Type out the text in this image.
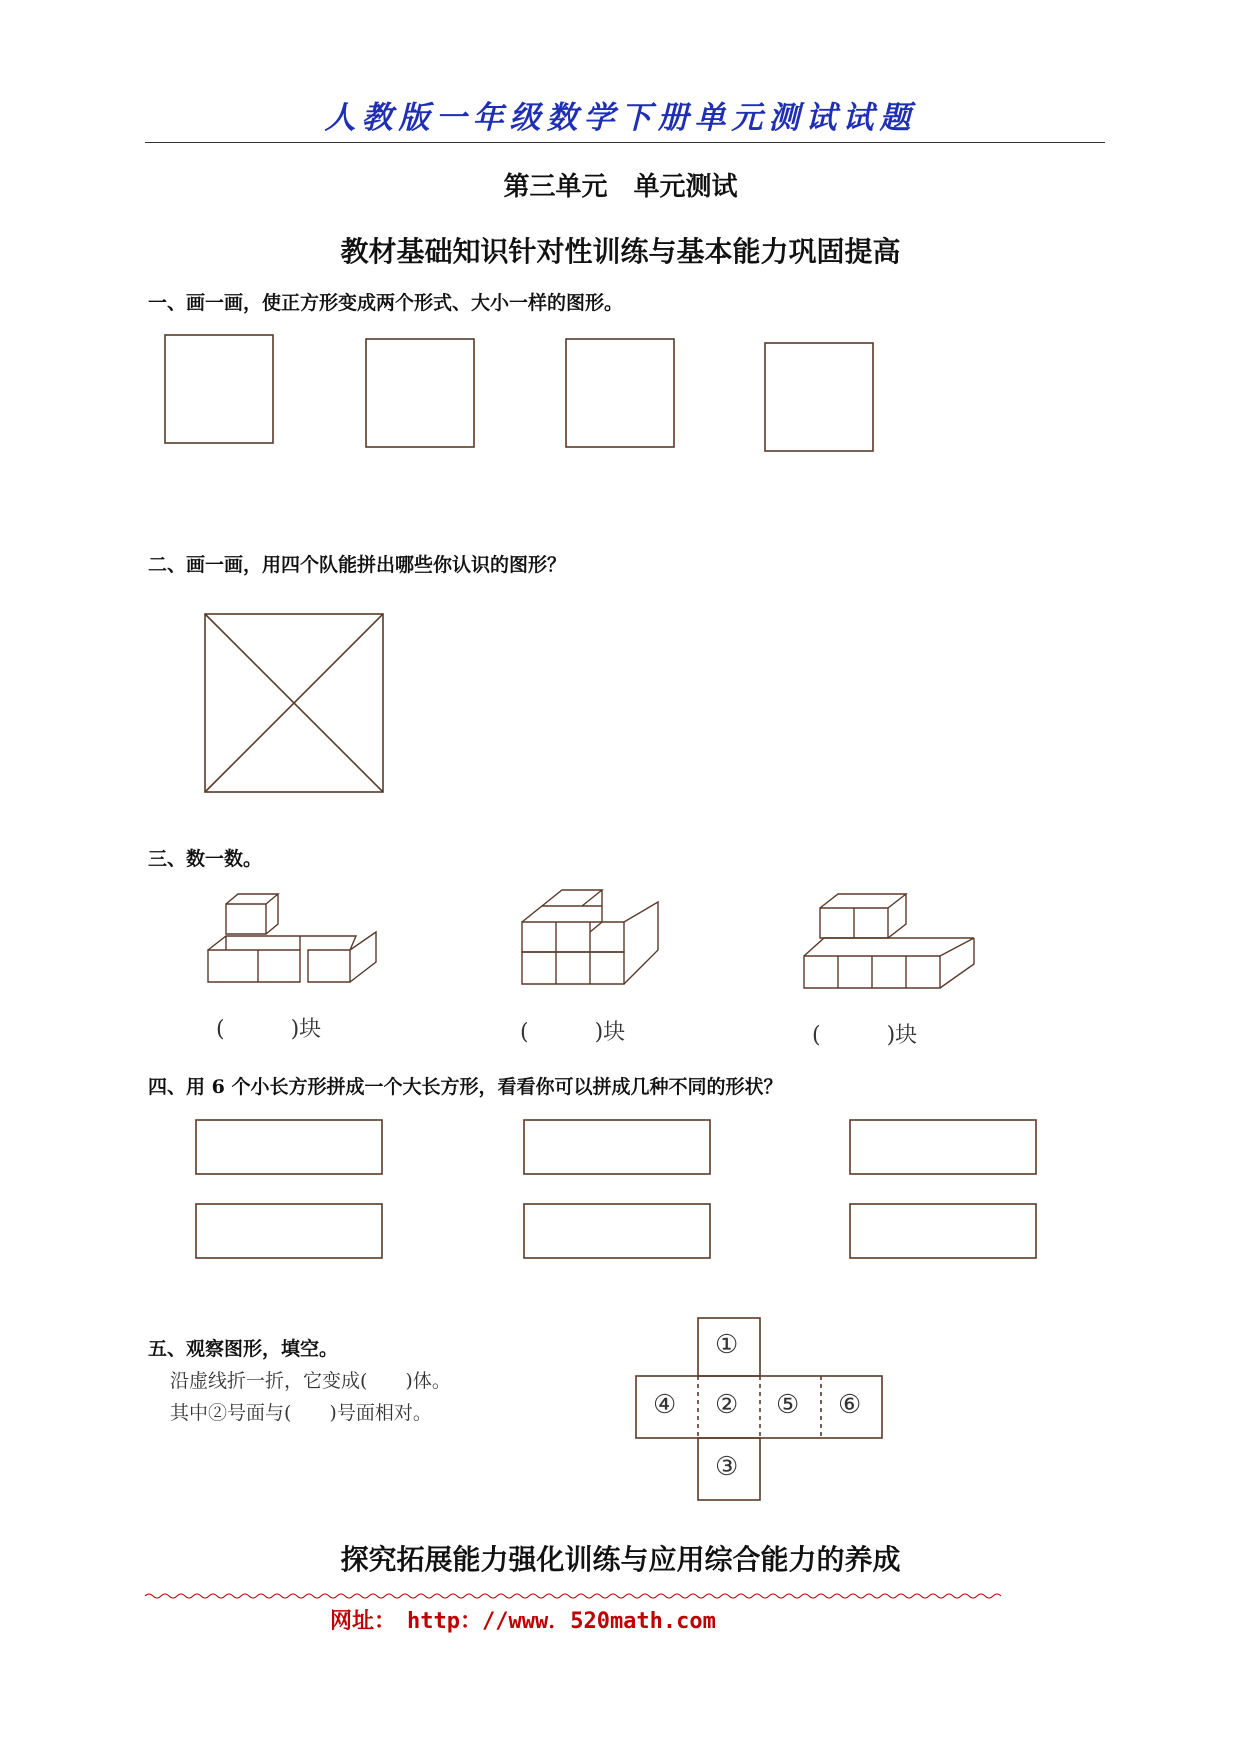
人教版一年级数学下册单元测试试题
第三单元　单元测试
教材基础知识针对性训练与基本能力巩固提高
一、画一画，使正方形变成两个形式、大小一样的图形。
二、画一画，用四个队能拼出哪些你认识的图形？
三、数一数。
(　　　)块	(　　　)块	(　　　)块
四、用 6 个小长方形拼成一个大长方形，看看你可以拼成几种不同的形状？
五、观察图形，填空。
沿虚线折一折，它变成(　　)体。
其中②号面与(　　)号面相对。
①
④ ② ⑤ ⑥
③
探究拓展能力强化训练与应用综合能力的养成
网址：　http：//www．520math.com
